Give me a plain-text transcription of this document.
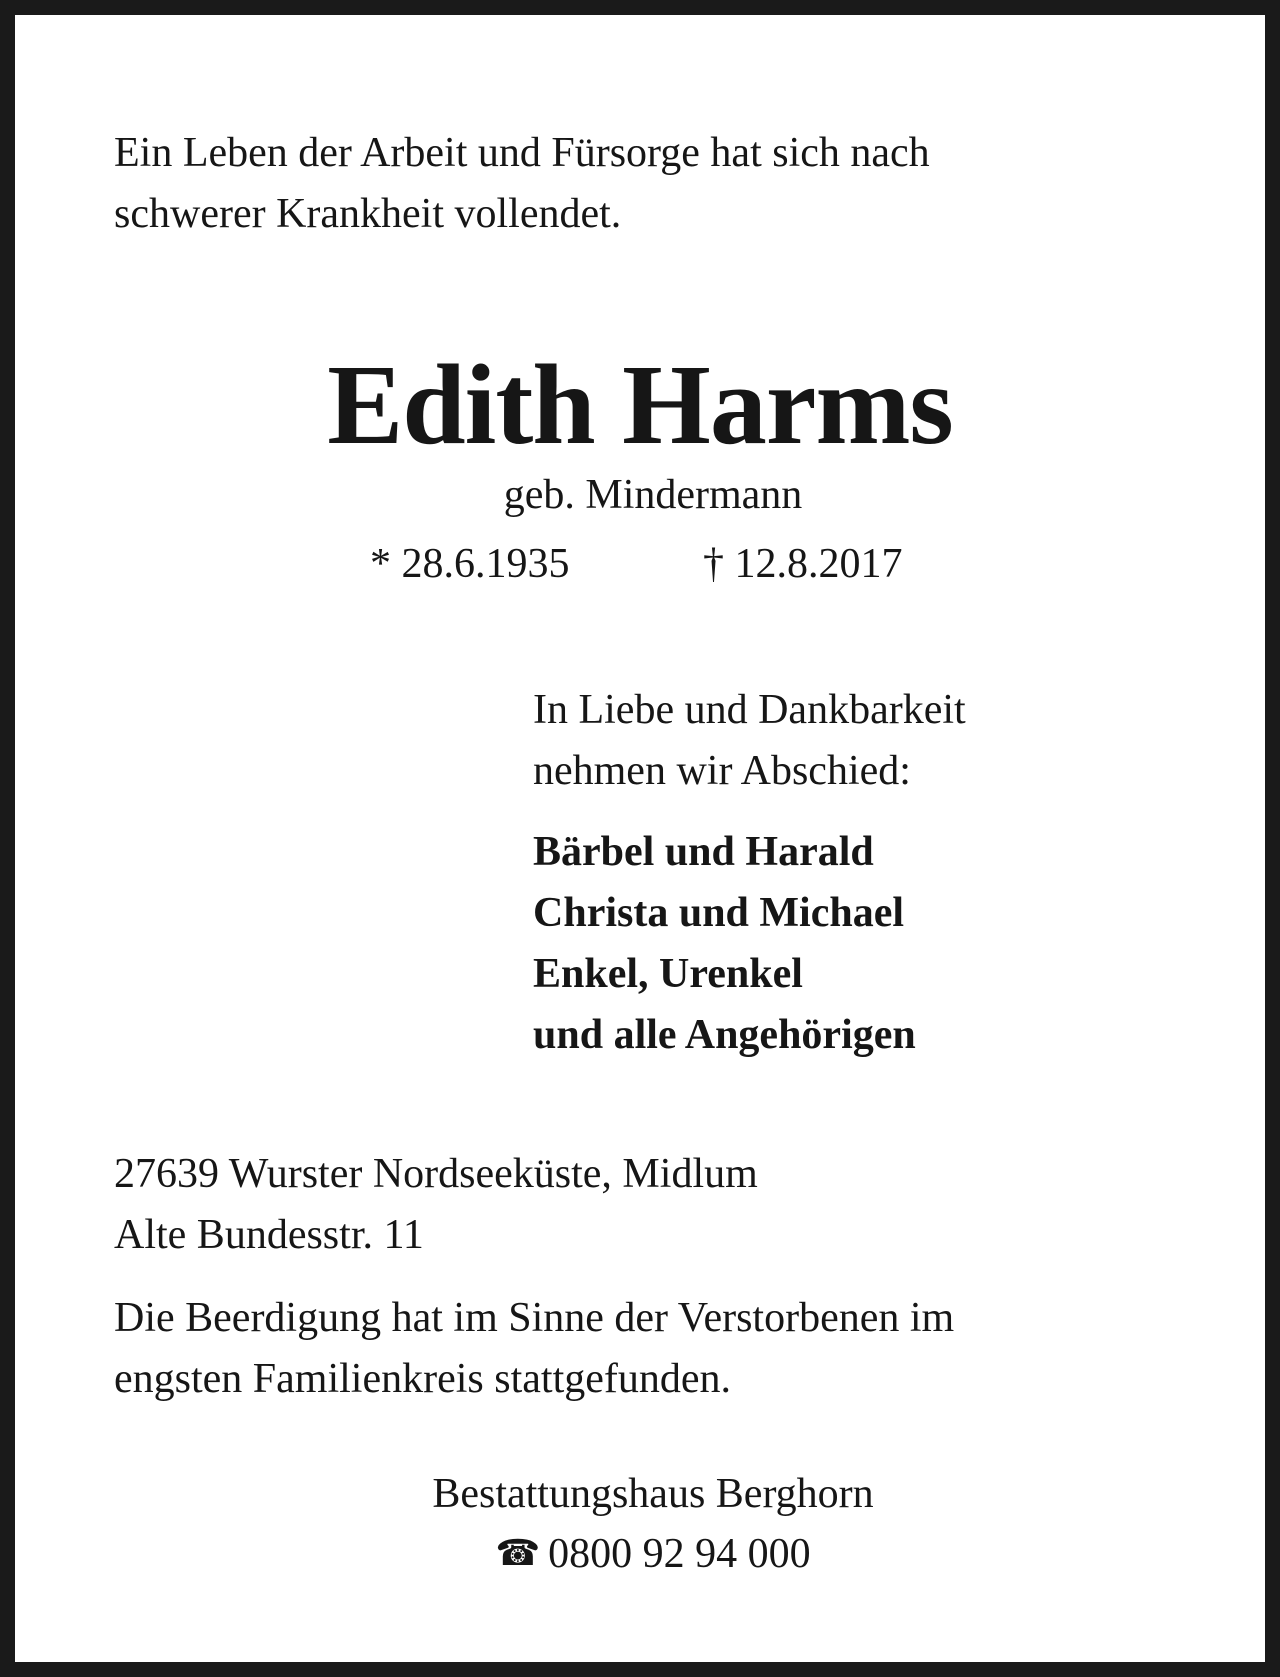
Ein Leben der Arbeit und Fürsorge hat sich nach
schwerer Krankheit vollendet.

Edith Harms
geb. Mindermann
* 28.6.1935	† 12.8.2017

In Liebe und Dankbarkeit
nehmen wir Abschied:

Bärbel und Harald
Christa und Michael
Enkel, Urenkel
und alle Angehörigen

27639 Wurster Nordseeküste, Midlum
Alte Bundesstr. 11

Die Beerdigung hat im Sinne der Verstorbenen im
engsten Familienkreis stattgefunden.

Bestattungshaus Berghorn
☎ 0800 92 94 000
